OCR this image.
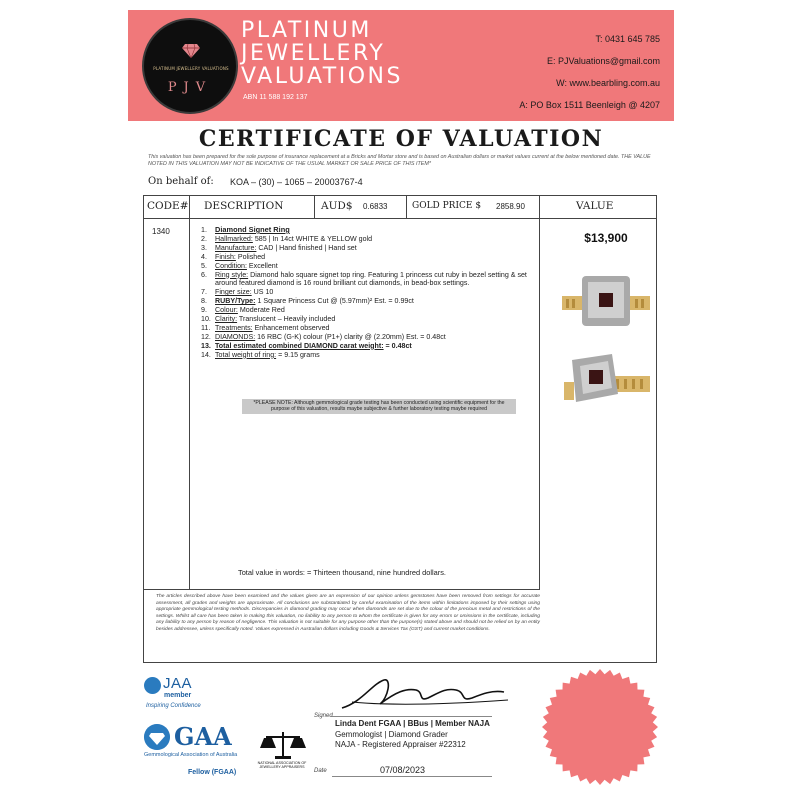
PLATINUM JEWELLERY VALUATIONS
PJV
PLATINUM
JEWELLERY
VALUATIONS
ABN 11 588 192 137
T: 0431 645 785
E: PJValuations@gmail.com
W: www.bearbling.com.au
A: PO Box 1511 Beenleigh @ 4207
CERTIFICATE OF VALUATION
This valuation has been prepared for the sole purpose of insurance replacement at a Bricks and Mortar store and is based on Australian dollars or market values current at the below mentioned date. THE VALUE NOTED IN THIS VALUATION MAY NOT BE INDICATIVE OF THE USUAL MARKET OR SALE PRICE OF THIS ITEM*
On behalf of: KOA – (30) – 1065 – 20003767-4
CODE# DESCRIPTION	AUD$ 0.6833	GOLD PRICE $ 2858.90	VALUE
1340	1. Diamond Signet Ring
2. Hallmarked: 585 | In 14ct WHITE & YELLOW gold
3. Manufacture: CAD | Hand finished | Hand set
4. Finish: Polished
5. Condition: Excellent
6. Ring style: Diamond halo square signet top ring. Featuring 1 princess cut ruby in bezel setting & set around featured diamond is 16 round brilliant cut diamonds, in bead-box settings.
7. Finger size: US 10
8. RUBY/Type: 1 Square Princess Cut @ (5.97mm)² Est. = 0.99ct
9. Colour: Moderate Red
10. Clarity: Translucent – Heavily included
11. Treatments: Enhancement observed
12. DIAMONDS: 16 RBC (G-K) colour (P1+) clarity @ (2.20mm) Est. = 0.48ct
13. Total estimated combined DIAMOND carat weight: = 0.48ct
14. Total weight of ring: = 9.15 grams
*PLEASE NOTE: Although gemmological grade testing has been conducted using scientific equipment for the purpose of this valuation, results maybe subjective & further laboratory testing maybe required
$13,900
Total value in words: = Thirteen thousand, nine hundred dollars.
The articles described above have been examined and the values given are an expression of our opinion unless gemstones have been removed from settings for accurate assessment, all grades and weights are approximate. All conclusions are substantiated by careful examination of the items within limitations imposed by their settings using appropriate gemmological testing methods. Discrepancies in diamond grading may occur when diamonds are set due to the colour of the precious metal and restrictions of the settings. Whilst all care has been taken in making this valuation, no liability to any person to whom the certificate is given for any errors or omissions in the certificate, including any liability to any person by reason of negligence. This valuation is not suitable for any purpose other than the purpose(s) stated above and should not be relied on by an entity besides addressee, unless specifically noted. Values expressed in Australian dollars including Goods & Services Tax (GST) and current market conditions.
JAA
member
Inspiring Confidence
GAA
Gemmological Association of Australia
Fellow (FGAA)
NATIONAL ASSOCIATION OF JEWELLERY APPRAISERS
Signed
Linda Dent FGAA | BBus | Member NAJA
Gemmologist | Diamond Grader
NAJA - Registered Appraiser #22312
Date	07/08/2023
